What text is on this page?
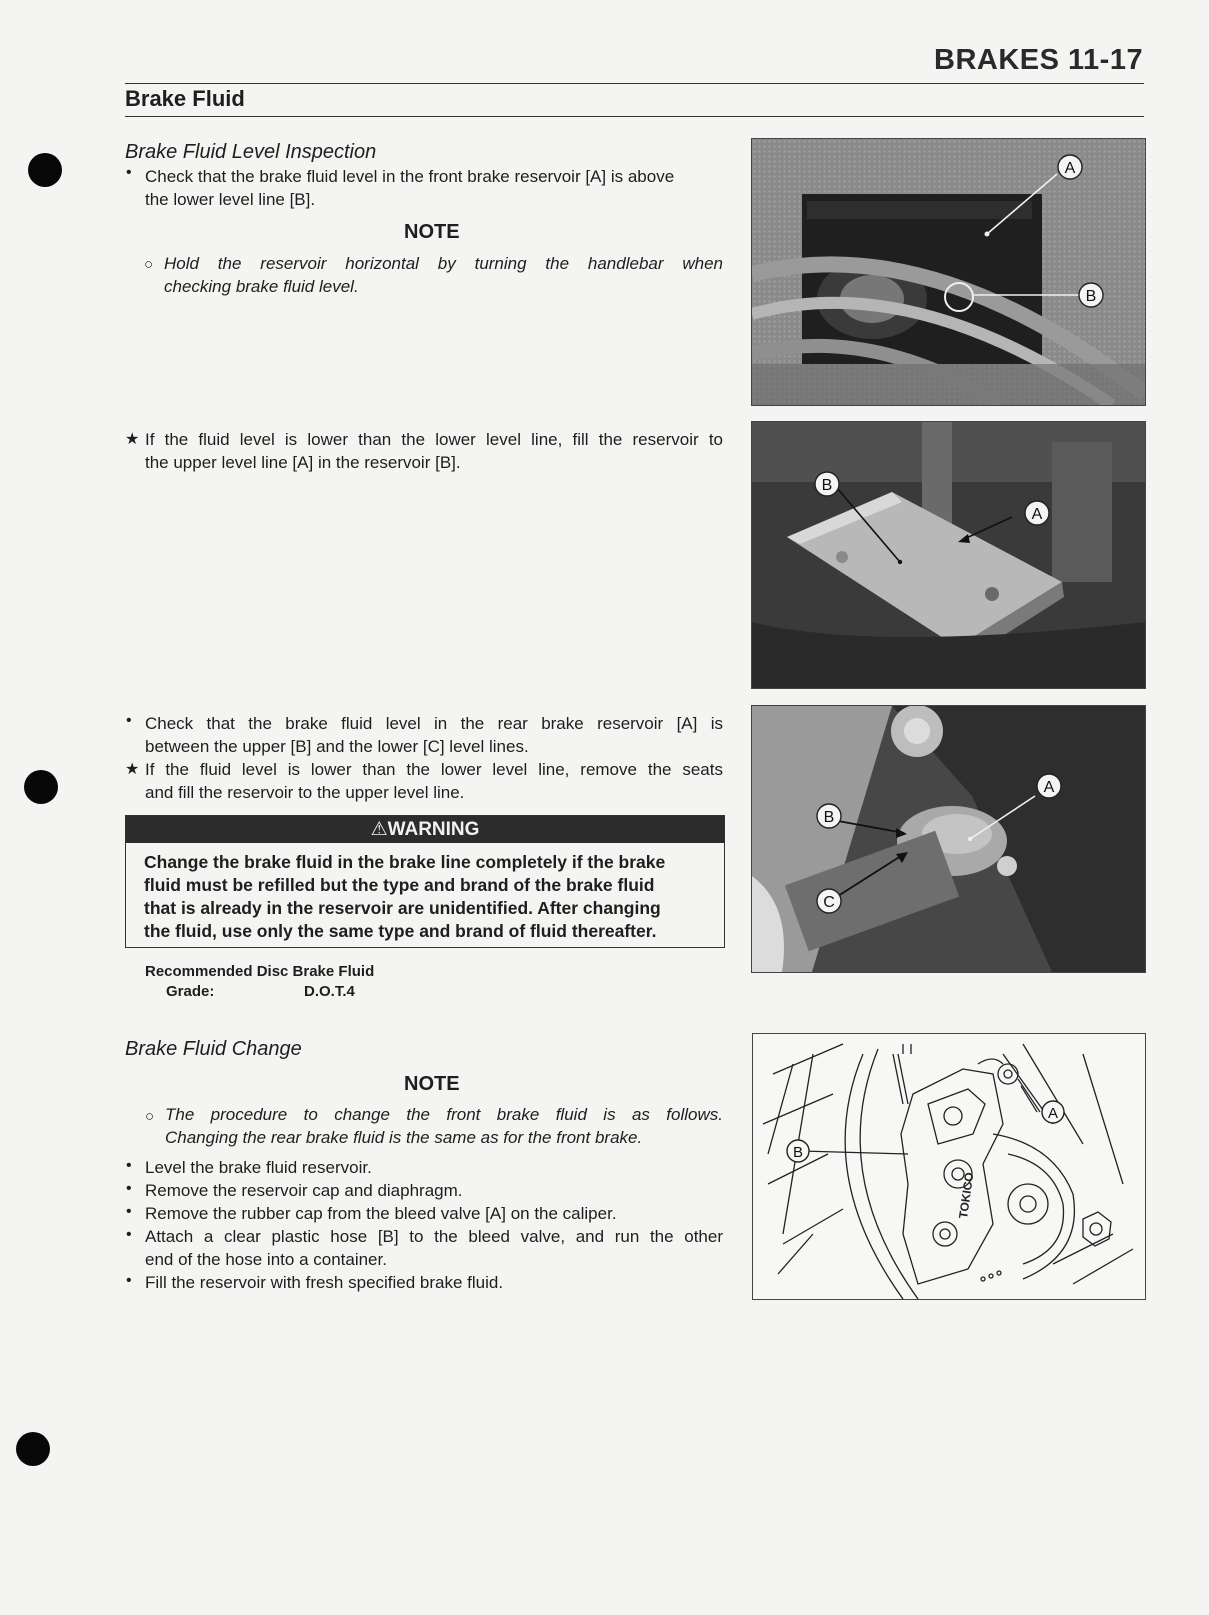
BRAKES 11-17
Brake Fluid
Brake Fluid Level Inspection
• Check that the brake fluid level in the front brake reservoir [A] is above
the lower level line [B].
NOTE
○ Hold the reservoir horizontal by turning the handlebar when
checking brake fluid level.
★ If the fluid level is lower than the lower level line, fill the reservoir to
the upper level line [A] in the reservoir [B].
• Check that the brake fluid level in the rear brake reservoir [A] is
between the upper [B] and the lower [C] level lines.
★ If the fluid level is lower than the lower level line, remove the seats
and fill the reservoir to the upper level line.
⚠WARNING
Change the brake fluid in the brake line completely if the brake
fluid must be refilled but the type and brand of the brake fluid
that is already in the reservoir are unidentified. After changing
the fluid, use only the same type and brand of fluid thereafter.
Recommended Disc Brake Fluid
Grade:	D.O.T.4
Brake Fluid Change
NOTE
○ The procedure to change the front brake fluid is as follows.
Changing the rear brake fluid is the same as for the front brake.
• Level the brake fluid reservoir.
• Remove the reservoir cap and diaphragm.
• Remove the rubber cap from the bleed valve [A] on the caliper.
• Attach a clear plastic hose [B] to the bleed valve, and run the other
end of the hose into a container.
• Fill the reservoir with fresh specified brake fluid.
A
B
B
A
A
B
C
TOKICO
A
B
